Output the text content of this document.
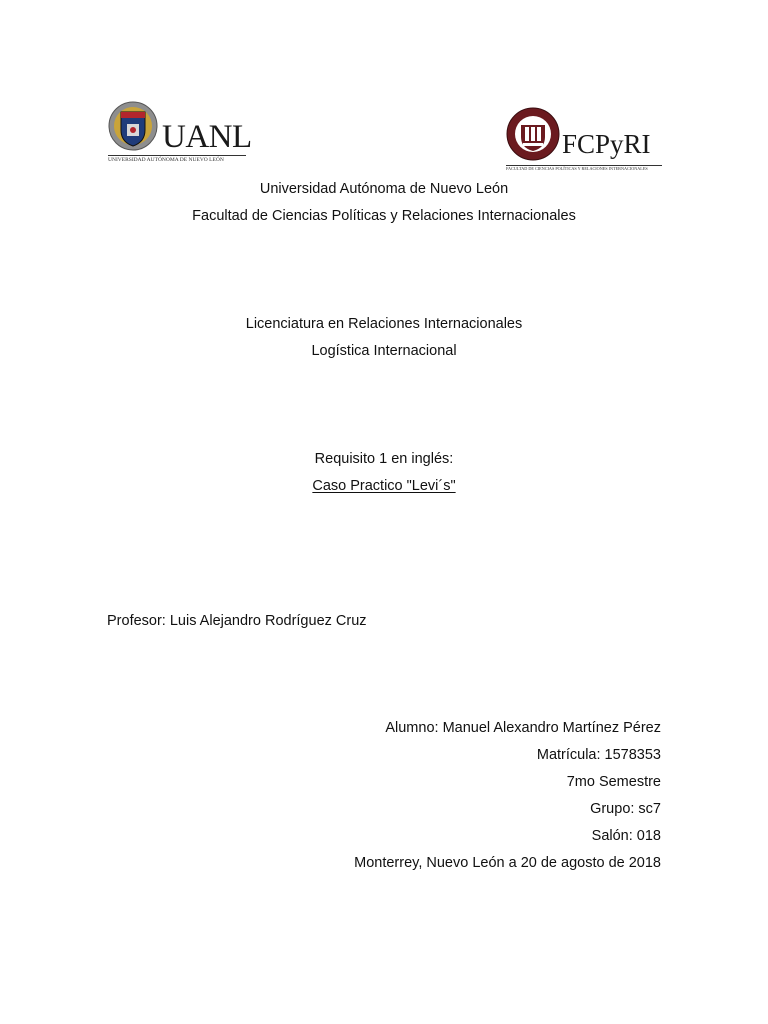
UANL
UNIVERSIDAD AUTÓNOMA DE NUEVO LEÓN
FCPyRI
FACULTAD DE CIENCIAS POLÍTICAS Y RELACIONES INTERNACIONALES
Universidad Autónoma de Nuevo León
Facultad de Ciencias Políticas y Relaciones Internacionales
Licenciatura en Relaciones Internacionales
Logística Internacional
Requisito 1 en inglés:
Caso Practico "Levi´s"
Profesor: Luis Alejandro Rodríguez Cruz
Alumno: Manuel Alexandro Martínez Pérez
Matrícula: 1578353
7mo Semestre
Grupo: sc7
Salón: 018
Monterrey, Nuevo León a 20 de agosto de 2018
